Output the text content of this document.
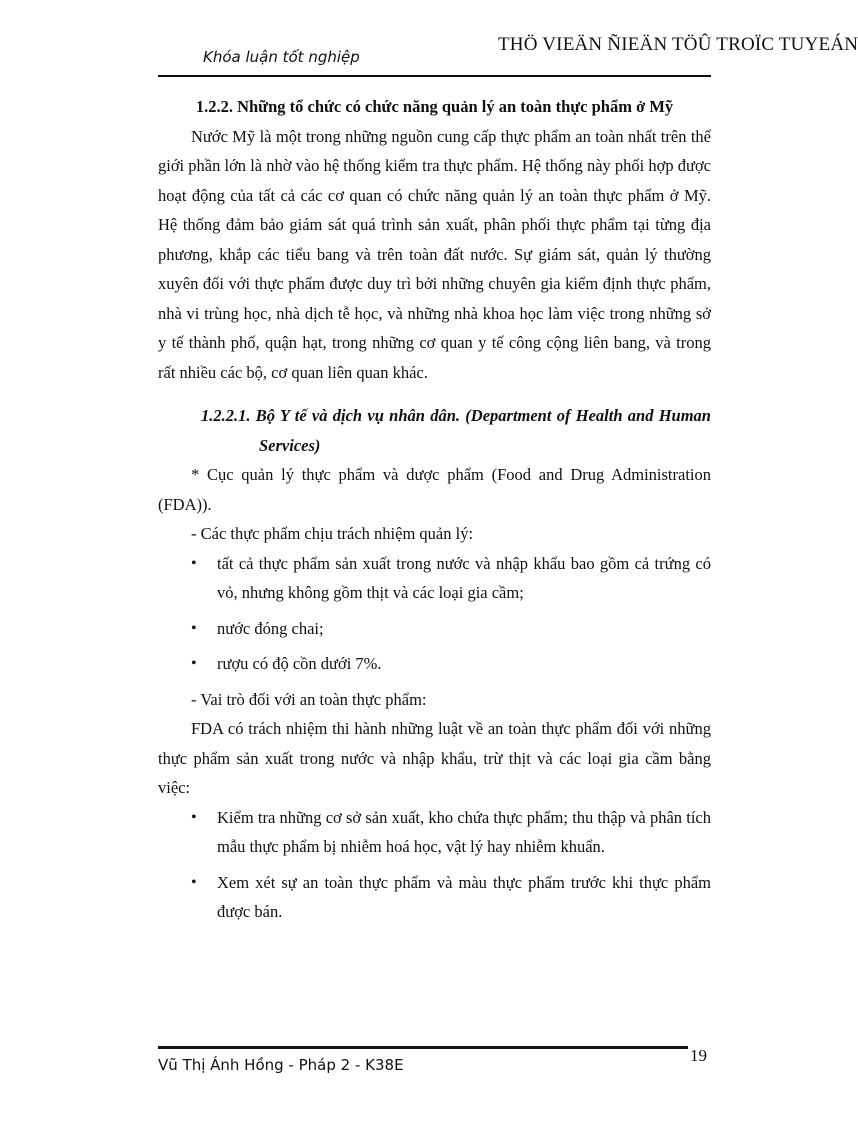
Khóa luận tốt nghiệp
THÖ VIEÄN ÑIEÄN TÖÛ TROÏC TUYEÁN

1.2.2. Những tổ chức có chức năng quản lý an toàn thực phẩm ở Mỹ

Nước Mỹ là một trong những nguồn cung cấp thực phẩm an toàn nhất trên thế giới phần lớn là nhờ vào hệ thống kiểm tra thực phẩm. Hệ thống này phối hợp được hoạt động của tất cả các cơ quan có chức năng quản lý an toàn thực phẩm ở Mỹ. Hệ thống đảm bảo giám sát quá trình sản xuất, phân phối thực phẩm tại từng địa phương, khắp các tiểu bang và trên toàn đất nước. Sự giám sát, quản lý thường xuyên đối với thực phẩm được duy trì bởi những chuyên gia kiểm định thực phẩm, nhà vi trùng học, nhà dịch tễ học, và những nhà khoa học làm việc trong những sở y tế thành phố, quận hạt, trong những cơ quan y tế công cộng liên bang, và trong rất nhiều các bộ, cơ quan liên quan khác.

1.2.2.1. Bộ Y tế và dịch vụ nhân dân. (Department of Health and Human Services)

* Cục quản lý thực phẩm và dược phẩm (Food and Drug Administration (FDA)).

- Các thực phẩm chịu trách nhiệm quản lý:

• tất cả thực phẩm sản xuất trong nước và nhập khẩu bao gồm cả trứng có vỏ, nhưng không gồm thịt và các loại gia cầm;
• nước đóng chai;
• rượu có độ cồn dưới 7%.

- Vai trò đối với an toàn thực phẩm:

FDA có trách nhiệm thi hành những luật về an toàn thực phẩm đối với những thực phẩm sản xuất trong nước và nhập khẩu, trừ thịt và các loại gia cầm bằng việc:

• Kiểm tra những cơ sở sản xuất, kho chứa thực phẩm; thu thập và phân tích mẫu thực phẩm bị nhiễm hoá học, vật lý hay nhiễm khuẩn.
• Xem xét sự an toàn thực phẩm và màu thực phẩm trước khi thực phẩm được bán.
Vũ Thị Ánh Hồng - Pháp 2 - K38E	19
